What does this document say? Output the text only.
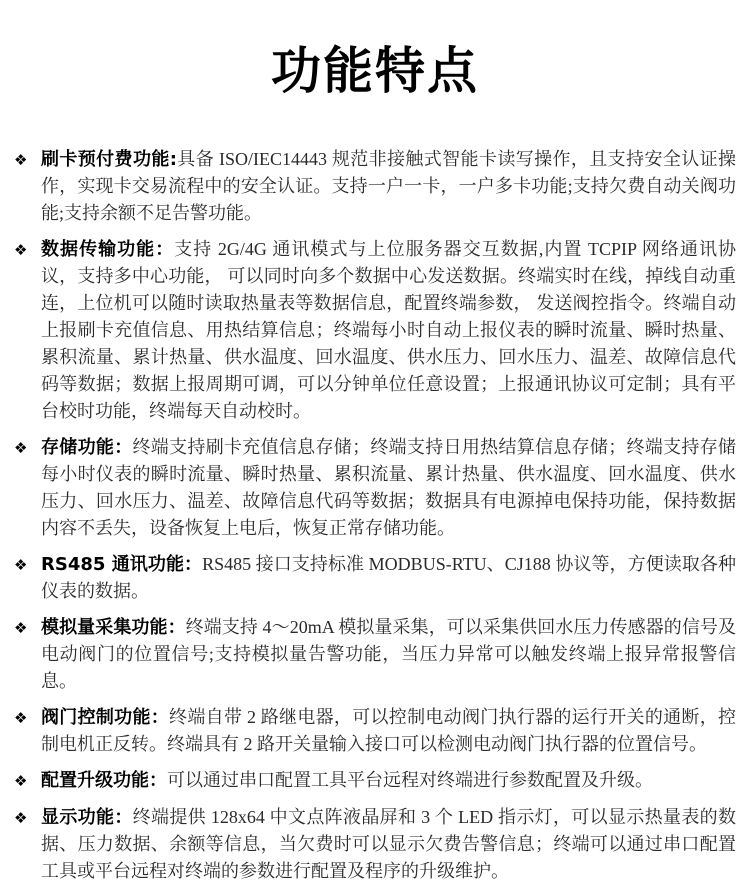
功能特点
❖ 刷卡预付费功能:具备 ISO/IEC14443 规范非接触式智能卡读写操作，且支持安全认证操作，实现卡交易流程中的安全认证。支持一户一卡，一户多卡功能;支持欠费自动关阀功能;支持余额不足告警功能。

❖ 数据传输功能：支持 2G/4G 通讯模式与上位服务器交互数据,内置 TCPIP 网络通讯协议，支持多中心功能， 可以同时向多个数据中心发送数据。终端实时在线，掉线自动重连，上位机可以随时读取热量表等数据信息，配置终端参数， 发送阀控指令。终端自动上报刷卡充值信息、用热结算信息；终端每小时自动上报仪表的瞬时流量、瞬时热量、累积流量、累计热量、供水温度、回水温度、供水压力、回水压力、温差、故障信息代码等数据；数据上报周期可调，可以分钟单位任意设置；上报通讯协议可定制；具有平台校时功能，终端每天自动校时。

❖ 存储功能：终端支持刷卡充值信息存储；终端支持日用热结算信息存储；终端支持存储每小时仪表的瞬时流量、瞬时热量、累积流量、累计热量、供水温度、回水温度、供水压力、回水压力、温差、故障信息代码等数据；数据具有电源掉电保持功能，保持数据内容不丢失，设备恢复上电后，恢复正常存储功能。

❖ RS485 通讯功能：RS485 接口支持标准 MODBUS-RTU、CJ188 协议等，方便读取各种仪表的数据。

❖ 模拟量采集功能：终端支持 4～20mA 模拟量采集，可以采集供回水压力传感器的信号及电动阀门的位置信号;支持模拟量告警功能，当压力异常可以触发终端上报异常报警信息。

❖ 阀门控制功能：终端自带 2 路继电器，可以控制电动阀门执行器的运行开关的通断，控制电机正反转。终端具有 2 路开关量输入接口可以检测电动阀门执行器的位置信号。

❖ 配置升级功能：可以通过串口配置工具平台远程对终端进行参数配置及升级。

❖ 显示功能：终端提供 128x64 中文点阵液晶屏和 3 个 LED 指示灯，可以显示热量表的数据、压力数据、余额等信息，当欠费时可以显示欠费告警信息；终端可以通过串口配置工具或平台远程对终端的参数进行配置及程序的升级维护。
